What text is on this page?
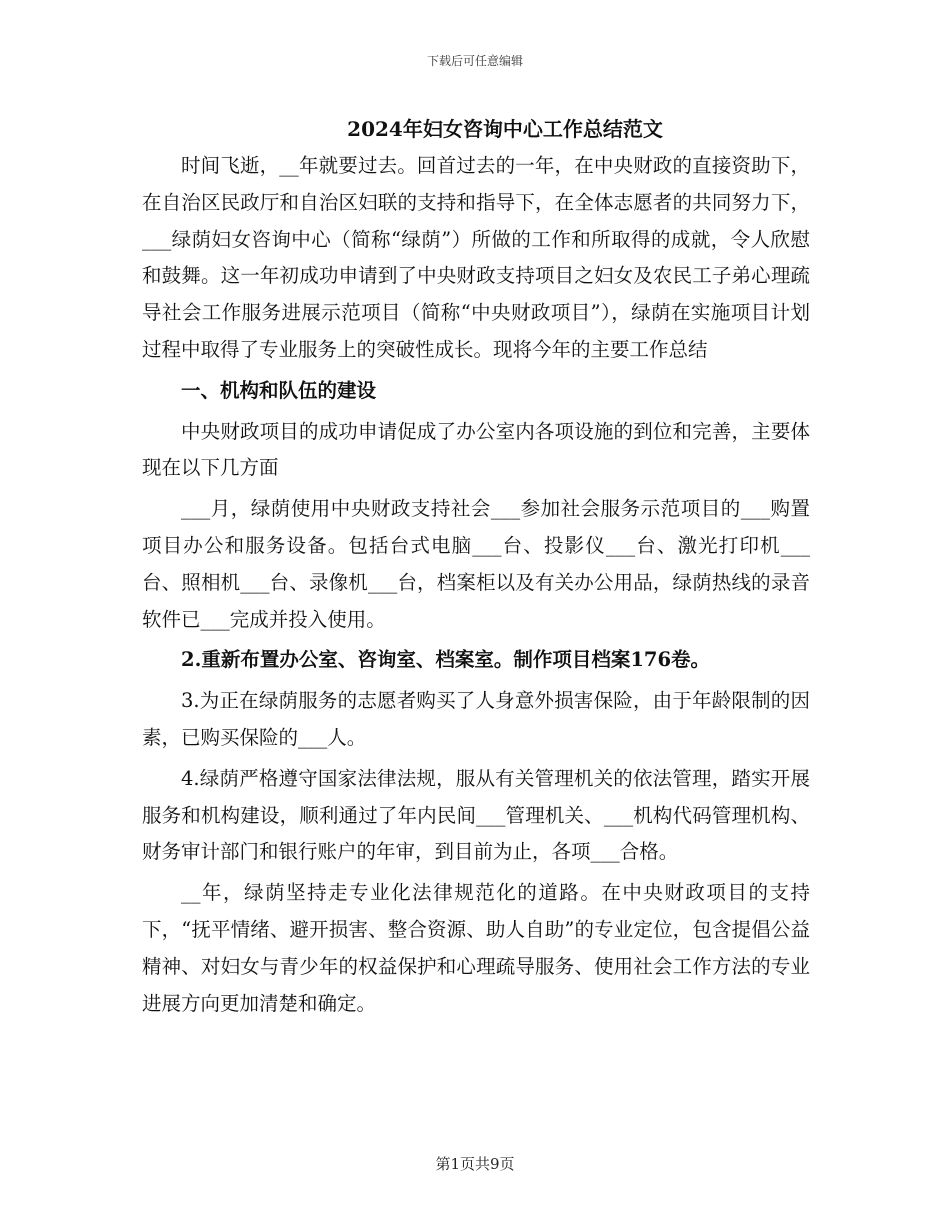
下载后可任意编辑
2024年妇女咨询中心工作总结范文

时间飞逝，__年就要过去。回首过去的一年，在中央财政的直接资助下，在自治区民政厅和自治区妇联的支持和指导下，在全体志愿者的共同努力下，___绿荫妇女咨询中心（简称“绿荫”）所做的工作和所取得的成就，令人欣慰和鼓舞。这一年初成功申请到了中央财政支持项目之妇女及农民工子弟心理疏导社会工作服务进展示范项目（简称“中央财政项目”），绿荫在实施项目计划过程中取得了专业服务上的突破性成长。现将今年的主要工作总结

一、机构和队伍的建设

中央财政项目的成功申请促成了办公室内各项设施的到位和完善，主要体现在以下几方面

___月，绿荫使用中央财政支持社会___参加社会服务示范项目的___购置项目办公和服务设备。包括台式电脑___台、投影仪___台、激光打印机___台、照相机___台、录像机___台，档案柜以及有关办公用品，绿荫热线的录音软件已___完成并投入使用。

2.重新布置办公室、咨询室、档案室。制作项目档案176卷。

3.为正在绿荫服务的志愿者购买了人身意外损害保险，由于年龄限制的因素，已购买保险的___人。

4.绿荫严格遵守国家法律法规，服从有关管理机关的依法管理，踏实开展服务和机构建设，顺利通过了年内民间___管理机关、___机构代码管理机构、财务审计部门和银行账户的年审，到目前为止，各项___合格。

__年，绿荫坚持走专业化法律规范化的道路。在中央财政项目的支持下，“抚平情绪、避开损害、整合资源、助人自助”的专业定位，包含提倡公益精神、对妇女与青少年的权益保护和心理疏导服务、使用社会工作方法的专业进展方向更加清楚和确定。

第1页共9页
